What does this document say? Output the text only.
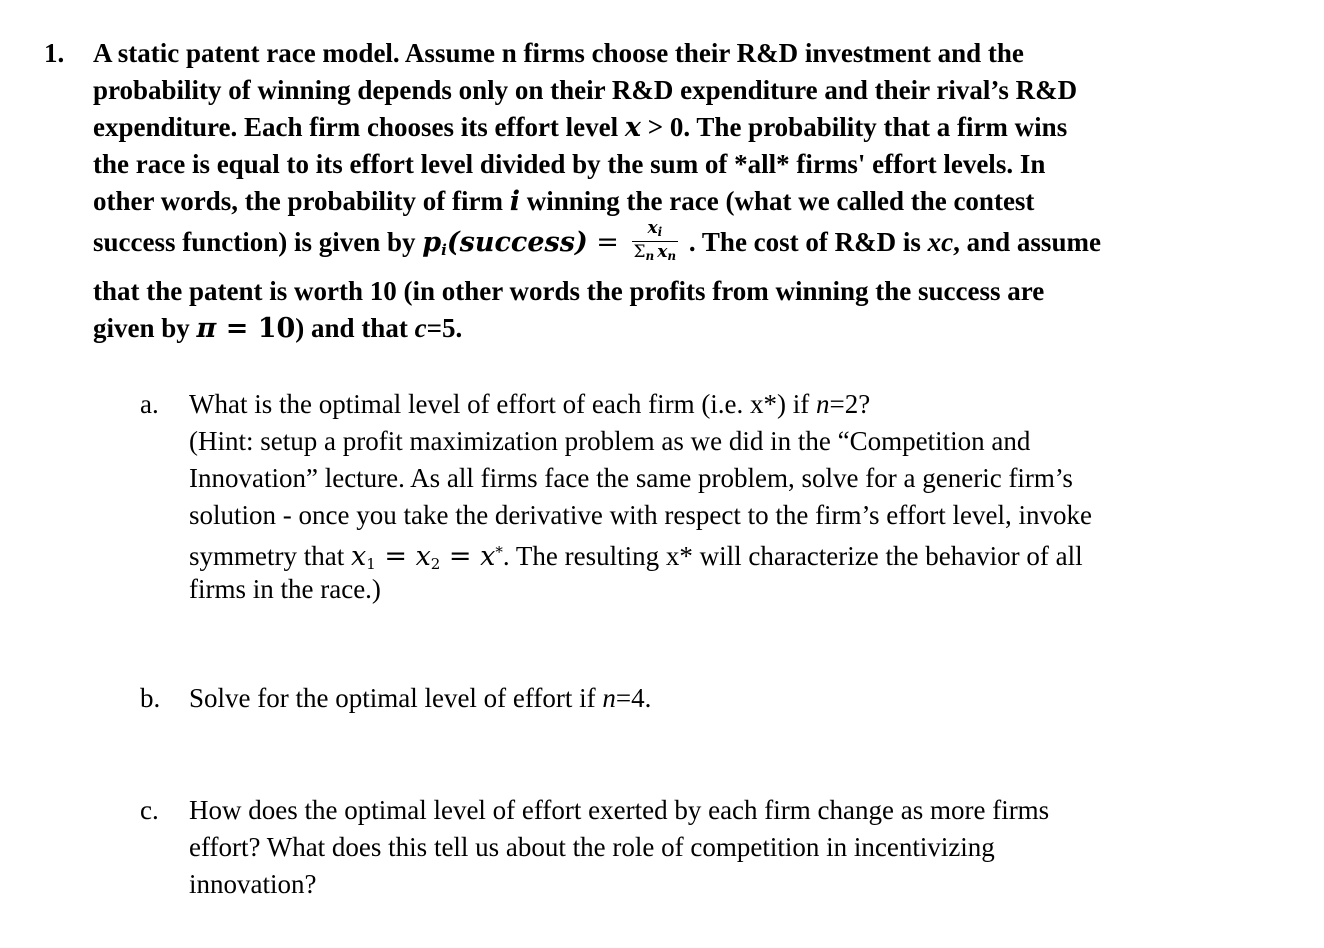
1. A static patent race model. Assume n firms choose their R&D investment and the
probability of winning depends only on their R&D expenditure and their rival’s R&D
expenditure. Each firm chooses its effort level x > 0. The probability that a firm wins
the race is equal to its effort level divided by the sum of *all* firms' effort levels. In
other words, the probability of firm i winning the race (what we called the contest
success function) is given by $p_i(success) = \frac{xi}{\text{Σn xn}}$ . The cost of R&D is xc, and assume
that the patent is worth 10 (in other words the profits from winning the success are
given by π = 10) and that c=5.
a. What is the optimal level of effort of each firm (i.e. x*) if n=2?
(Hint: setup a profit maximization problem as we did in the “Competition and
Innovation” lecture. As all firms face the same problem, solve for a generic firm’s
solution - once you take the derivative with respect to the firm’s effort level, invoke
symmetry that $x_1 = x_2 = x^*$. The resulting x* will characterize the behavior of all
firms in the race.)
b. Solve for the optimal level of effort if n=4.
c. How does the optimal level of effort exerted by each firm change as more firms
effort? What does this tell us about the role of competition in incentivizing
innovation?
